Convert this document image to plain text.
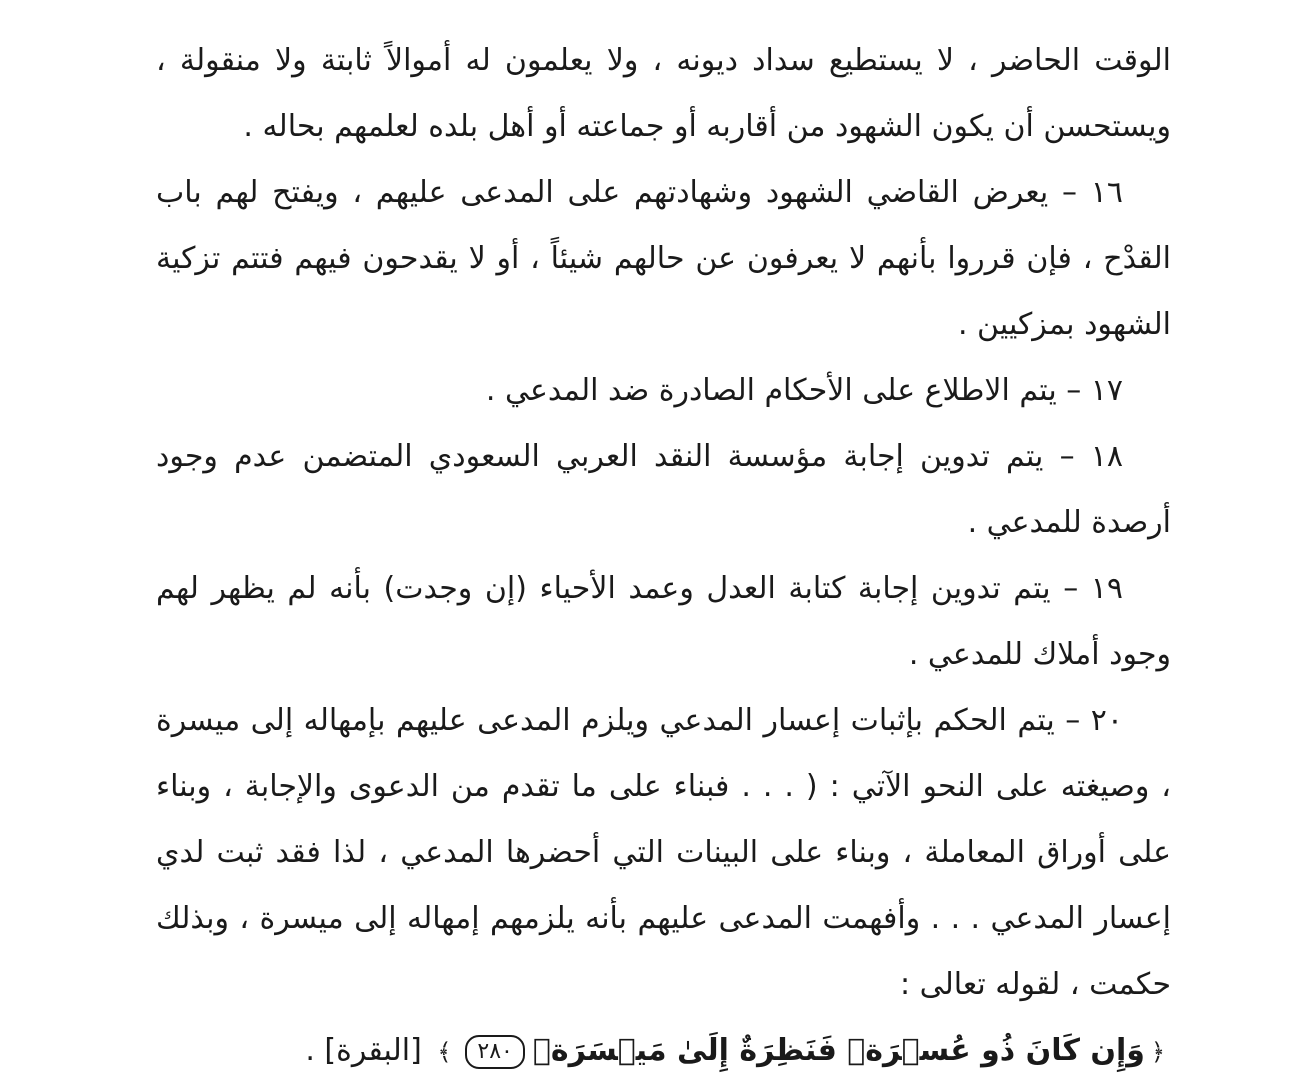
الوقت الحاضر ، لا يستطيع سداد ديونه ، ولا يعلمون له أموالاً ثابتة ولا منقولة ، ويستحسن أن يكون الشهود من أقاربه أو جماعته أو أهل بلده لعلمهم بحاله .

١٦ – يعرض القاضي الشهود وشهادتهم على المدعى عليهم ، ويفتح لهم باب القدْح ، فإن قرروا بأنهم لا يعرفون عن حالهم شيئاً ، أو لا يقدحون فيهم فتتم تزكية الشهود بمزكيين .

١٧ – يتم الاطلاع على الأحكام الصادرة ضد المدعي .

١٨ – يتم تدوين إجابة مؤسسة النقد العربي السعودي المتضمن عدم وجود أرصدة للمدعي .

١٩ – يتم تدوين إجابة كتابة العدل وعمد الأحياء (إن وجدت) بأنه لم يظهر لهم وجود أملاك للمدعي .

٢٠ – يتم الحكم بإثبات إعسار المدعي ويلزم المدعى عليهم بإمهاله إلى ميسرة ، وصيغته على النحو الآتي : ( . . . فبناء على ما تقدم من الدعوى والإجابة ، وبناء على أوراق المعاملة ، وبناء على البينات التي أحضرها المدعي ، لذا فقد ثبت لدي إعسار المدعي . . . وأفهمت المدعى عليهم بأنه يلزمهم إمهاله إلى ميسرة ، وبذلك حكمت ، لقوله تعالى :

﴿وَإِن كَانَ ذُو عُسۡرَةٖ فَنَظِرَةٌ إِلَىٰ مَيۡسَرَةٖ٢٨٠﴾ [البقرة] .
